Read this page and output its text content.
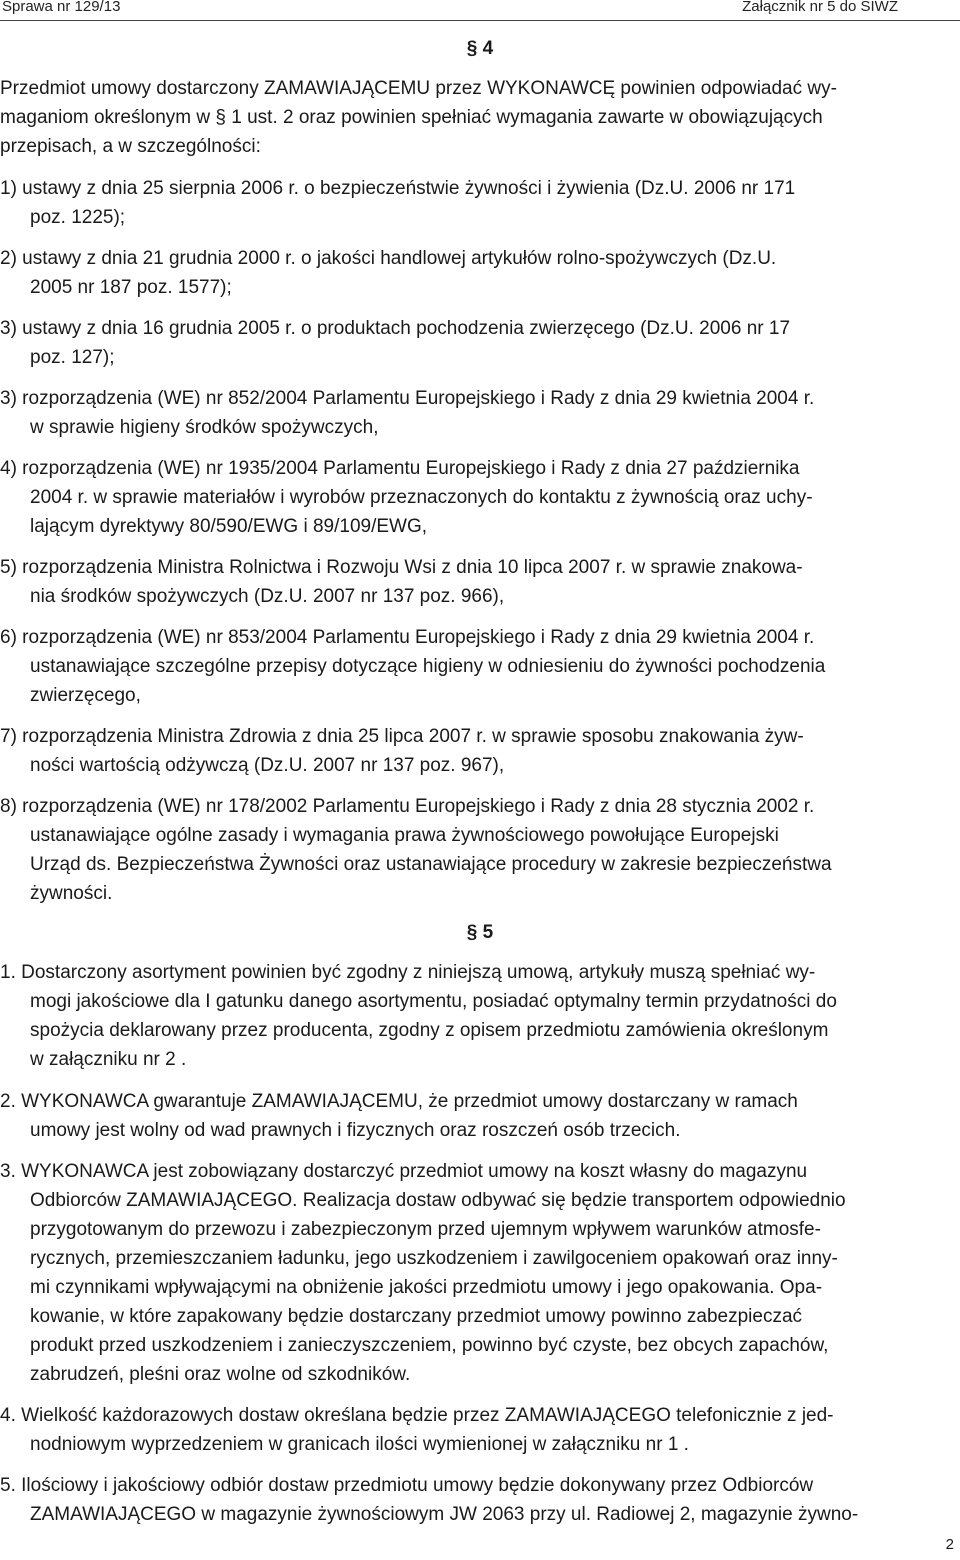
Sprawa nr 129/13	Załącznik nr 5 do SIWZ
§ 4
Przedmiot umowy dostarczony ZAMAWIAJĄCEMU przez WYKONAWCĘ powinien odpowiadać wy-
maganiom określonym w § 1 ust. 2 oraz powinien spełniać wymagania zawarte w obowiązujących
przepisach, a w szczególności:
1) ustawy z dnia 25 sierpnia 2006 r. o bezpieczeństwie żywności i żywienia (Dz.U. 2006 nr 171
poz. 1225);
2) ustawy z dnia 21 grudnia 2000 r. o jakości handlowej artykułów rolno-spożywczych (Dz.U.
2005 nr 187 poz. 1577);
3) ustawy z dnia 16 grudnia 2005 r. o produktach pochodzenia zwierzęcego (Dz.U. 2006 nr 17
poz. 127);
3) rozporządzenia (WE) nr 852/2004 Parlamentu Europejskiego i Rady z dnia 29 kwietnia 2004 r.
w sprawie higieny środków spożywczych,
4) rozporządzenia (WE) nr 1935/2004 Parlamentu Europejskiego i Rady z dnia 27 października
2004 r. w sprawie materiałów i wyrobów przeznaczonych do kontaktu z żywnością oraz uchy-
lającym dyrektywy 80/590/EWG i 89/109/EWG,
5) rozporządzenia Ministra Rolnictwa i Rozwoju Wsi z dnia 10 lipca 2007 r. w sprawie znakowa-
nia środków spożywczych (Dz.U. 2007 nr 137 poz. 966),
6) rozporządzenia (WE) nr 853/2004 Parlamentu Europejskiego i Rady z dnia 29 kwietnia 2004 r.
ustanawiające szczególne przepisy dotyczące higieny w odniesieniu do żywności pochodzenia
zwierzęcego,
7) rozporządzenia Ministra Zdrowia z dnia 25 lipca 2007 r. w sprawie sposobu znakowania żyw-
ności wartością odżywczą (Dz.U. 2007 nr 137 poz. 967),
8) rozporządzenia (WE) nr 178/2002 Parlamentu Europejskiego i Rady z dnia 28 stycznia 2002 r.
ustanawiające ogólne zasady i wymagania prawa żywnościowego powołujące Europejski
Urząd ds. Bezpieczeństwa Żywności oraz ustanawiające procedury w zakresie bezpieczeństwa
żywności.
§ 5
1. Dostarczony asortyment powinien być zgodny z niniejszą umową, artykuły muszą spełniać wy-
mogi jakościowe dla I gatunku danego asortymentu, posiadać optymalny termin przydatności do
spożycia deklarowany przez producenta, zgodny z opisem przedmiotu zamówienia określonym
w załączniku nr 2 .
2. WYKONAWCA gwarantuje ZAMAWIAJĄCEMU, że przedmiot umowy dostarczany w ramach
umowy jest wolny od wad prawnych i fizycznych oraz roszczeń osób trzecich.
3. WYKONAWCA jest zobowiązany dostarczyć przedmiot umowy na koszt własny do magazynu
Odbiorców ZAMAWIAJĄCEGO. Realizacja dostaw odbywać się będzie transportem odpowiednio
przygotowanym do przewozu i zabezpieczonym przed ujemnym wpływem warunków atmosfe-
rycznych, przemieszczaniem ładunku, jego uszkodzeniem i zawilgoceniem opakowań oraz inny-
mi czynnikami wpływającymi na obniżenie jakości przedmiotu umowy i jego opakowania. Opa-
kowanie, w które zapakowany będzie dostarczany przedmiot umowy powinno zabezpieczać
produkt przed uszkodzeniem i zanieczyszczeniem, powinno być czyste, bez obcych zapachów,
zabrudzeń, pleśni oraz wolne od szkodników.
4. Wielkość każdorazowych dostaw określana będzie przez ZAMAWIAJĄCEGO telefonicznie z jed-
nodniowym wyprzedzeniem w granicach ilości wymienionej w załączniku nr 1 .
5. Ilościowy i jakościowy odbiór dostaw przedmiotu umowy będzie dokonywany przez Odbiorców
ZAMAWIAJĄCEGO w magazynie żywnościowym JW 2063 przy ul. Radiowej 2, magazynie żywno-
2
